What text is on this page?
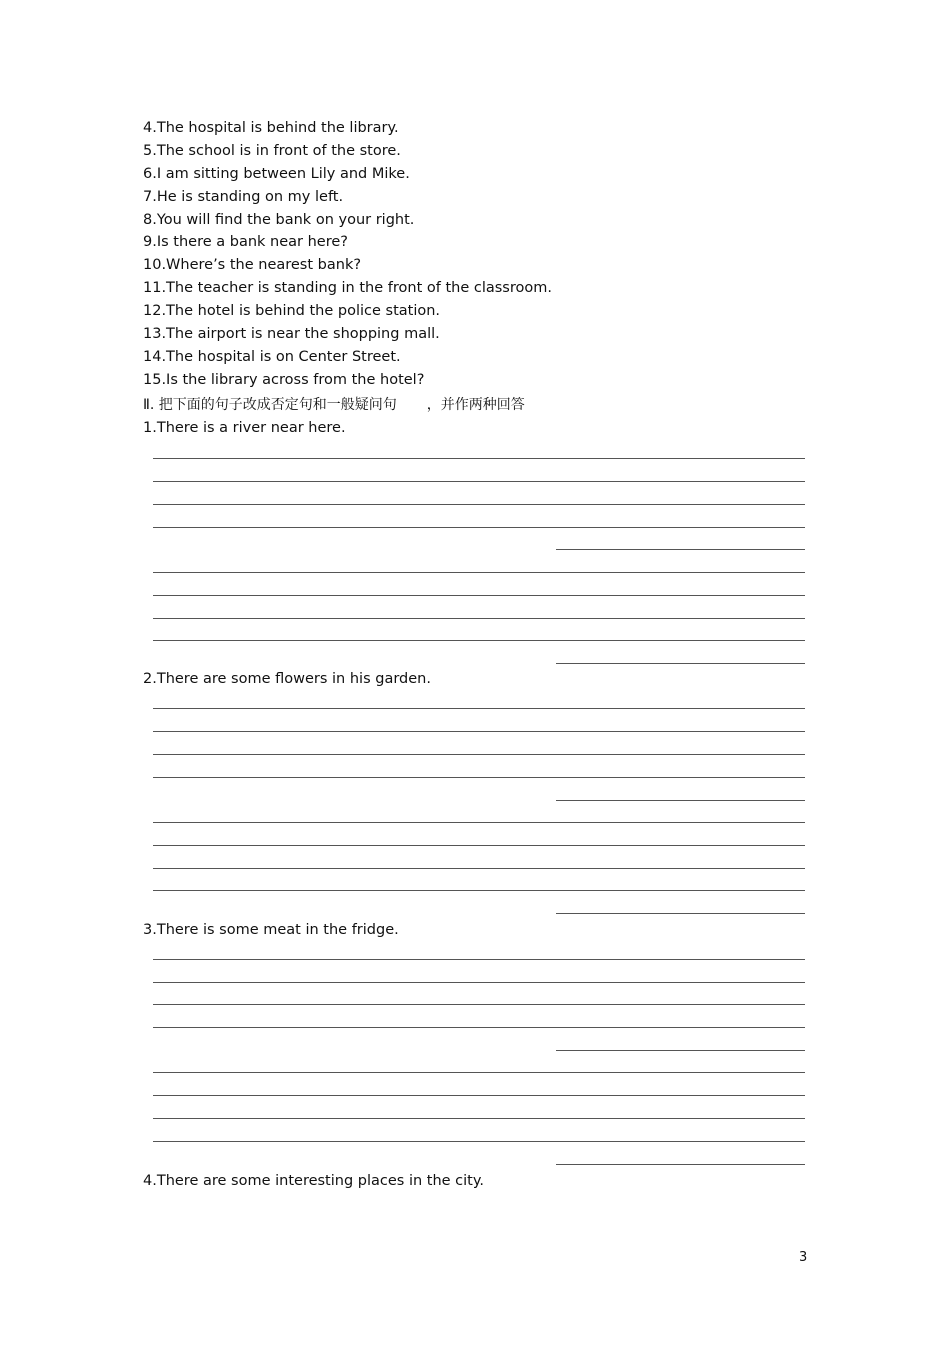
4.The hospital is behind the library.
5.The school is in front of the store.
6.I am sitting between Lily and Mike.
7.He is standing on my left.
8.You will find the bank on your right.
9.Is there a bank near here?
10.Where’s the nearest bank?
11.The teacher is standing in the front of the classroom.
12.The hotel is behind the police station.
13.The airport is near the shopping mall.
14.The hospital is on Center Street.
15.Is the library across from the hotel?
Ⅱ. 把下面的句子改成否定句和一般疑问句 ，并作两种回答
1.There is a river near here.
2.There are some flowers in his garden.
3.There is some meat in the fridge.
4.There are some interesting places in the city.
3
